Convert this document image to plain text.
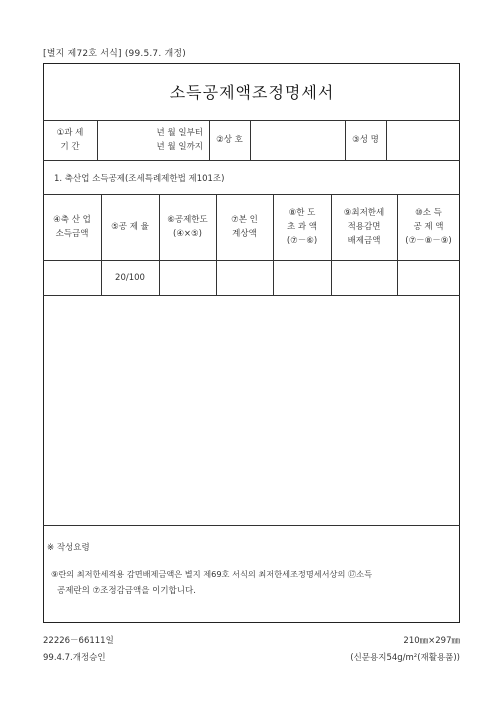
[별지 제72호 서식] (99.5.7. 개정)
소득공제액조정명세서
①과 세
기 간
년 월 일부터
년 월 일까지
②상 호	③성 명
1. 축산업 소득공제(조세특례제한법 제101조)
④축 산 업
소득금액
⑤공 제 율
⑥공제한도
(④×⑤)
⑦본 인
계상액
⑧한 도
초 과 액
(⑦－⑥)
⑨최저한세
적용감면
배제금액
⑩소 득
공 제 액
(⑦－⑧－⑨)
20/100
※ 작성요령
⑨란의 최저한세적용 감면배제금액은 별지 제69호 서식의 최저한세조정명세서상의 ⑰소득
공제란의 ⑦조정감금액을 이기합니다.
22226－66111일
99.4.7.개정승인
210㎜×297㎜
(신문용지54g/m²(재활용품))
